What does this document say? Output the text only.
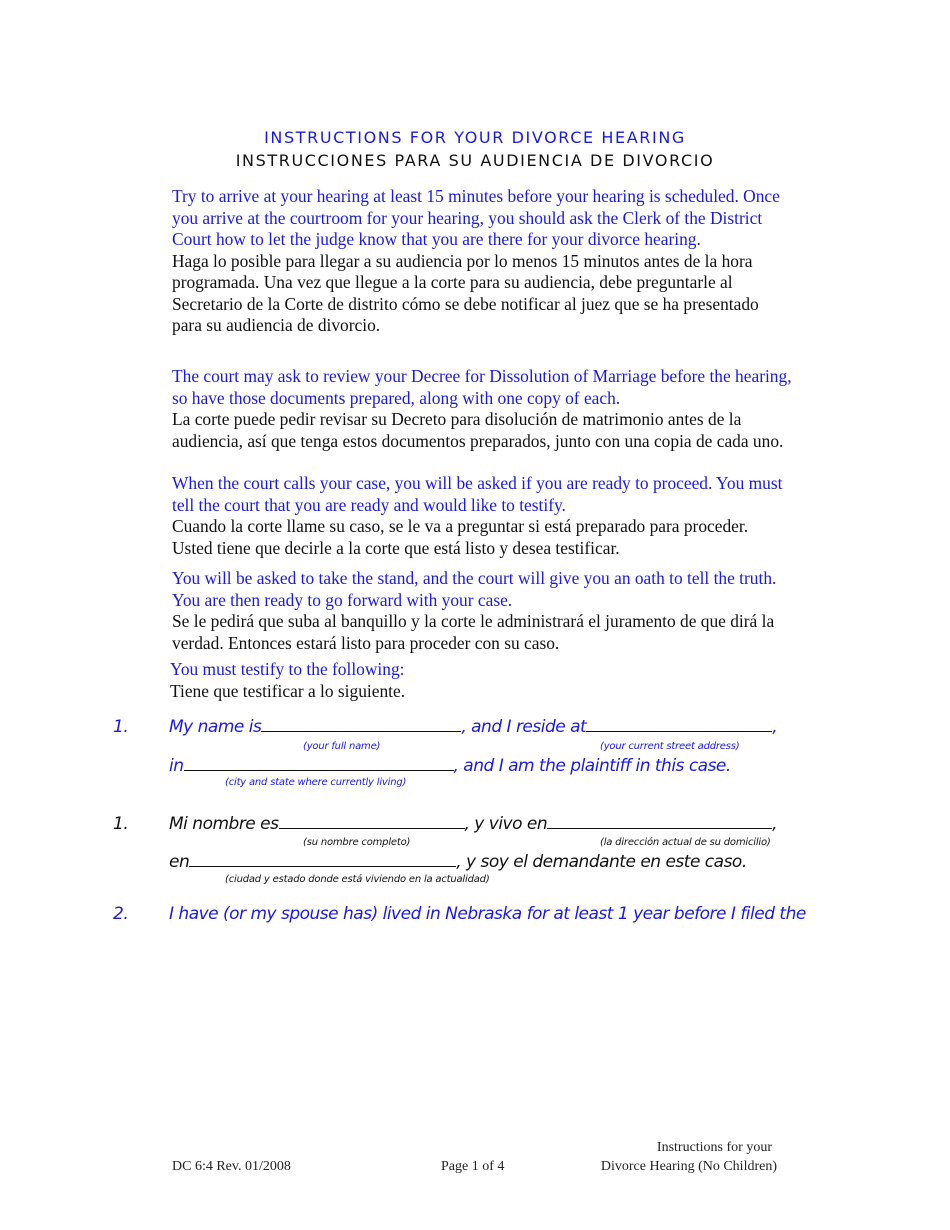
INSTRUCTIONS FOR YOUR DIVORCE HEARING
INSTRUCCIONES PARA SU AUDIENCIA DE DIVORCIO

Try to arrive at your hearing at least 15 minutes before your hearing is scheduled. Once you arrive at the courtroom for your hearing, you should ask the Clerk of the District Court how to let the judge know that you are there for your divorce hearing.

Haga lo posible para llegar a su audiencia por lo menos 15 minutos antes de la hora programada. Una vez que llegue a la corte para su audiencia, debe preguntarle al Secretario de la Corte de distrito cómo se debe notificar al juez que se ha presentado para su audiencia de divorcio.

The court may ask to review your Decree for Dissolution of Marriage before the hearing, so have those documents prepared, along with one copy of each.

La corte puede pedir revisar su Decreto para disolución de matrimonio antes de la audiencia, así que tenga estos documentos preparados, junto con una copia de cada uno.

When the court calls your case, you will be asked if you are ready to proceed. You must tell the court that you are ready and would like to testify.

Cuando la corte llame su caso, se le va a preguntar si está preparado para proceder. Usted tiene que decirle a la corte que está listo y desea testificar.

You will be asked to take the stand, and the court will give you an oath to tell the truth. You are then ready to go forward with your case.

Se le pedirá que suba al banquillo y la corte le administrará el juramento de que dirá la verdad. Entonces estará listo para proceder con su caso.

You must testify to the following:

Tiene que testificar a lo siguiente.

1. My name is	, and I reside at	,
(your full name)	(your current street address)
in	, and I am the plaintiff in this case.
(city and state where currently living)
1. Mi nombre es	, y vivo en	,
(su nombre completo)	(la dirección actual de su domicilio)
en	, y soy el demandante en este caso.
(ciudad y estado donde está viviendo en la actualidad)
2. I have (or my spouse has) lived in Nebraska for at least 1 year before I filed the
DC 6:4 Rev. 01/2008	Page 1 of 4
Instructions for your
Divorce Hearing (No Children)
